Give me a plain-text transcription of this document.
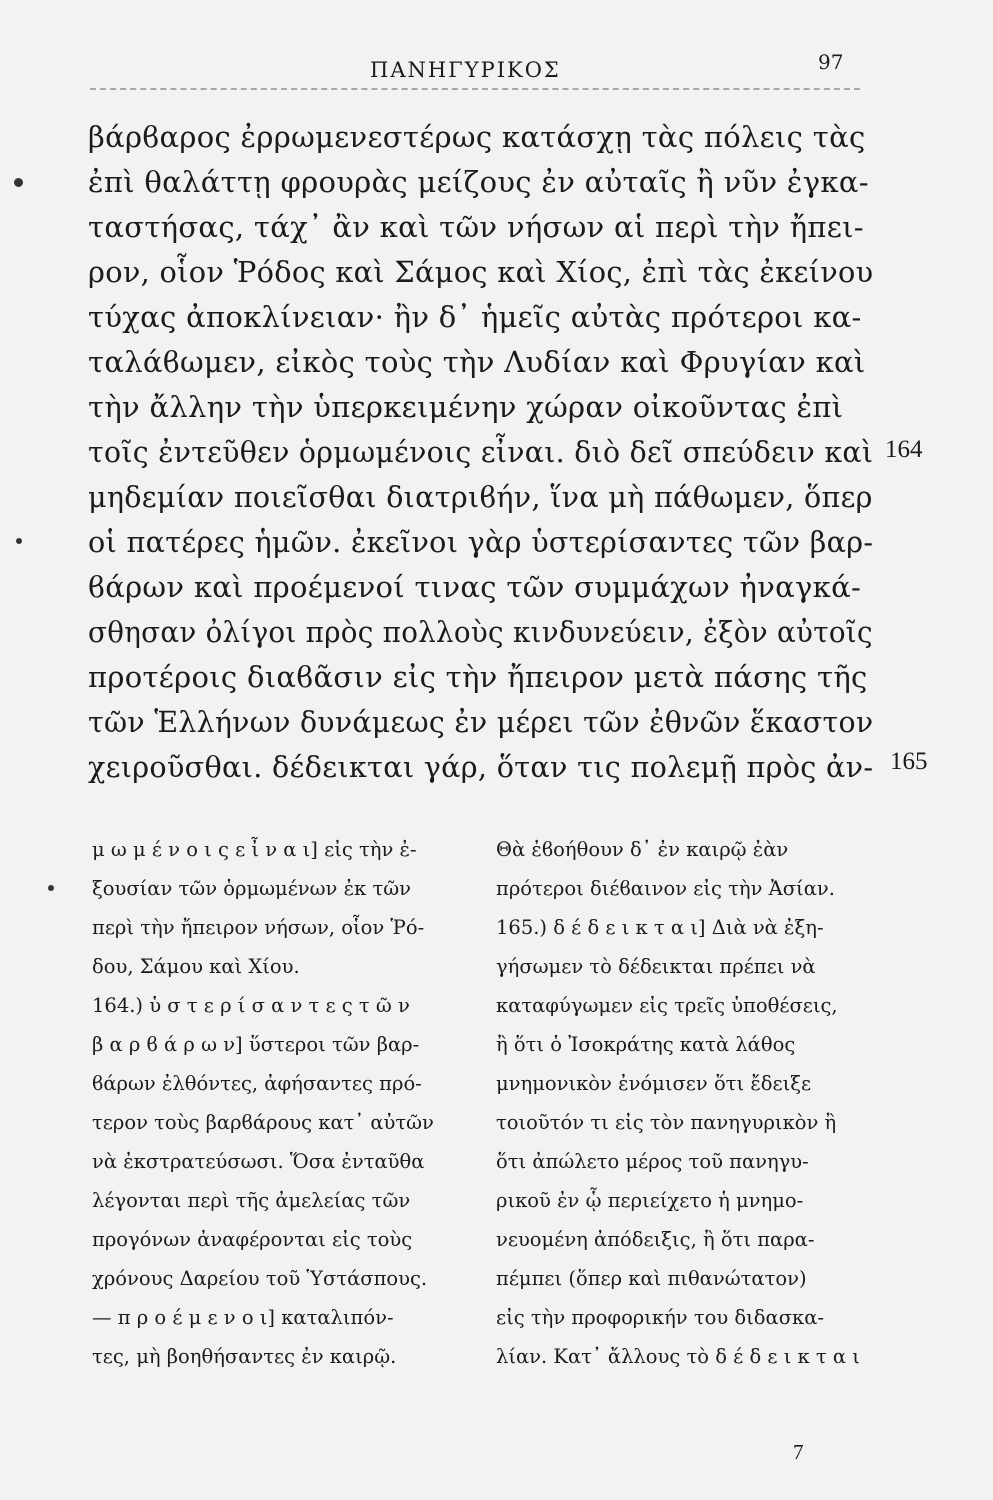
ΠΑΝΗΓΥΡΙΚΟΣ	97
βάρϐαρος ἐρρωμενεστέρως κατάσχῃ τὰς πόλεις τὰς
ἐπὶ θαλάττῃ φρουρὰς μείζους ἐν αὐταῖς ἢ νῦν ἐγκα-
ταστήσας, τάχ᾽ ἂν καὶ τῶν νήσων αἱ περὶ τὴν ἤπει-
ρον, οἷον Ῥόδος καὶ Σάμος καὶ Χίος, ἐπὶ τὰς ἐκείνου
τύχας ἀποκλίνειαν· ἢν δ᾽ ἡμεῖς αὐτὰς πρότεροι κα-
ταλάϐωμεν, εἰκὸς τοὺς τὴν Λυδίαν καὶ Φρυγίαν καὶ
τὴν ἄλλην τὴν ὑπερκειμένην χώραν οἰκοῦντας ἐπὶ
τοῖς ἐντεῦθεν ὁρμωμένοις εἶναι. διὸ δεῖ σπεύδειν καὶ
μηδεμίαν ποιεῖσθαι διατριϐήν, ἵνα μὴ πάθωμεν, ὅπερ
οἱ πατέρες ἡμῶν. ἐκεῖνοι γὰρ ὑστερίσαντες τῶν βαρ-
ϐάρων καὶ προέμενοί τινας τῶν συμμάχων ἠναγκά-
σθησαν ὀλίγοι πρὸς πολλοὺς κινδυνεύειν, ἐξὸν αὐτοῖς
προτέροις διαϐᾶσιν εἰς τὴν ἤπειρον μετὰ πάσης τῆς
τῶν Ἑλλήνων δυνάμεως ἐν μέρει τῶν ἐθνῶν ἕκαστον
χειροῦσθαι. δέδεικται γάρ, ὅταν τις πολεμῇ πρὸς ἀν-
164
165
μ ω μ έ ν ο ι ς ε ἶ ν α ι] εἰς τὴν ἐ-
ξουσίαν τῶν ὁρμωμένων ἐκ τῶν
περὶ τὴν ἤπειρον νήσων, οἷον Ῥό-
δου, Σάμου καὶ Χίου.
164.) ὑ σ τ ε ρ ί σ α ν τ ε ς τ ῶ ν
β α ρ ϐ ά ρ ω ν] ὕστεροι τῶν βαρ-
ϐάρων ἐλθόντες, ἀφήσαντες πρό-
τερον τοὺς βαρϐάρους κατ᾽ αὐτῶν
νὰ ἐκστρατεύσωσι. Ὅσα ἐνταῦθα
λέγονται περὶ τῆς ἀμελείας τῶν
προγόνων ἀναφέρονται εἰς τοὺς
χρόνους Δαρείου τοῦ Ὑστάσπους.
— π ρ ο έ μ ε ν ο ι] καταλιπόν-
τες, μὴ βοηθήσαντες ἐν καιρῷ.
Θὰ ἐϐοήθουν δ᾽ ἐν καιρῷ ἐὰν
πρότεροι διέϐαινον εἰς τὴν Ἀσίαν.
165.) δ έ δ ε ι κ τ α ι] Διὰ νὰ ἐξη-
γήσωμεν τὸ δέδεικται πρέπει νὰ
καταφύγωμεν εἰς τρεῖς ὑποθέσεις,
ἢ ὅτι ὁ Ἰσοκράτης κατὰ λάθος
μνημονικὸν ἐνόμισεν ὅτι ἔδειξε
τοιοῦτόν τι εἰς τὸν πανηγυρικὸν ἢ
ὅτι ἀπώλετο μέρος τοῦ πανηγυ-
ρικοῦ ἐν ᾧ περιείχετο ἡ μνημο-
νευομένη ἀπόδειξις, ἢ ὅτι παρα-
πέμπει (ὅπερ καὶ πιθανώτατον)
εἰς τὴν προφορικήν του διδασκα-
λίαν. Κατ᾽ ἄλλους τὸ δ έ δ ε ι κ τ α ι
7
